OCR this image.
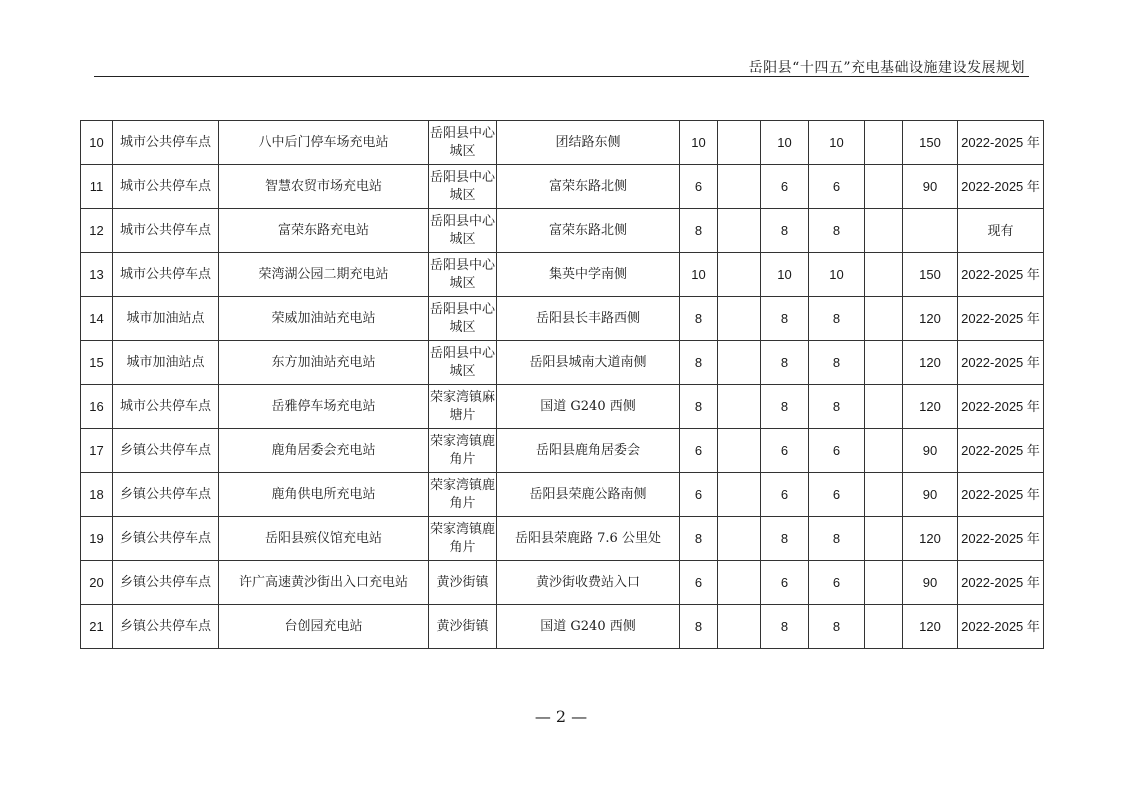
岳阳县“十四五”充电基础设施建设发展规划
10	城市公共停车点	八中后门停车场充电站	岳阳县中心城区	团结路东侧	10		10	10		150	2022-2025 年
11	城市公共停车点	智慧农贸市场充电站	岳阳县中心城区	富荣东路北侧	6		6	6		90	2022-2025 年
12	城市公共停车点	富荣东路充电站	岳阳县中心城区	富荣东路北侧	8		8	8			现有
13	城市公共停车点	荣湾湖公园二期充电站	岳阳县中心城区	集英中学南侧	10		10	10		150	2022-2025 年
14	城市加油站点	荣威加油站充电站	岳阳县中心城区	岳阳县长丰路西侧	8		8	8		120	2022-2025 年
15	城市加油站点	东方加油站充电站	岳阳县中心城区	岳阳县城南大道南侧	8		8	8		120	2022-2025 年
16	城市公共停车点	岳雅停车场充电站	荣家湾镇麻塘片	国道 G240 西侧	8		8	8		120	2022-2025 年
17	乡镇公共停车点	鹿角居委会充电站	荣家湾镇鹿角片	岳阳县鹿角居委会	6		6	6		90	2022-2025 年
18	乡镇公共停车点	鹿角供电所充电站	荣家湾镇鹿角片	岳阳县荣鹿公路南侧	6		6	6		90	2022-2025 年
19	乡镇公共停车点	岳阳县殡仪馆充电站	荣家湾镇鹿角片	岳阳县荣鹿路 7.6 公里处	8		8	8		120	2022-2025 年
20	乡镇公共停车点	许广高速黄沙街出入口充电站	黄沙街镇	黄沙街收费站入口	6		6	6		90	2022-2025 年
21	乡镇公共停车点	台创园充电站	黄沙街镇	国道 G240 西侧	8		8	8		120	2022-2025 年
— 2 —
